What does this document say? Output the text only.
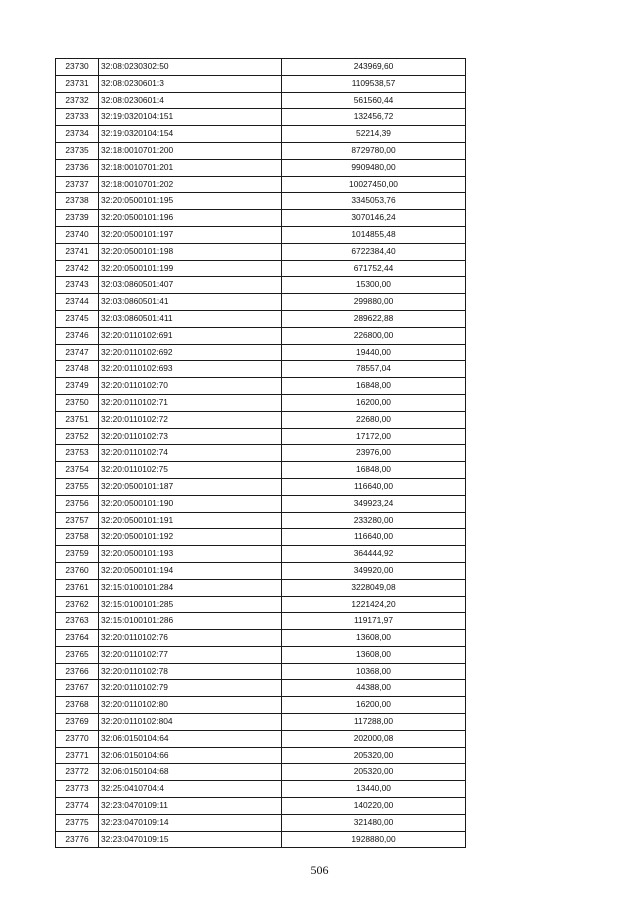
23730	32:08:0230302:50	243969,60
23731	32:08:0230601:3	1109538,57
23732	32:08:0230601:4	561560,44
23733	32:19:0320104:151	132456,72
23734	32:19:0320104:154	52214,39
23735	32:18:0010701:200	8729780,00
23736	32:18:0010701:201	9909480,00
23737	32:18:0010701:202	10027450,00
23738	32:20:0500101:195	3345053,76
23739	32:20:0500101:196	3070146,24
23740	32:20:0500101:197	1014855,48
23741	32:20:0500101:198	6722384,40
23742	32:20:0500101:199	671752,44
23743	32:03:0860501:407	15300,00
23744	32:03:0860501:41	299880,00
23745	32:03:0860501:411	289622,88
23746	32:20:0110102:691	226800,00
23747	32:20:0110102:692	19440,00
23748	32:20:0110102:693	78557,04
23749	32:20:0110102:70	16848,00
23750	32:20:0110102:71	16200,00
23751	32:20:0110102:72	22680,00
23752	32:20:0110102:73	17172,00
23753	32:20:0110102:74	23976,00
23754	32:20:0110102:75	16848,00
23755	32:20:0500101:187	116640,00
23756	32:20:0500101:190	349923,24
23757	32:20:0500101:191	233280,00
23758	32:20:0500101:192	116640,00
23759	32:20:0500101:193	364444,92
23760	32:20:0500101:194	349920,00
23761	32:15:0100101:284	3228049,08
23762	32:15:0100101:285	1221424,20
23763	32:15:0100101:286	119171,97
23764	32:20:0110102:76	13608,00
23765	32:20:0110102:77	13608,00
23766	32:20:0110102:78	10368,00
23767	32:20:0110102:79	44388,00
23768	32:20:0110102:80	16200,00
23769	32:20:0110102:804	117288,00
23770	32:06:0150104:64	202000,08
23771	32:06:0150104:66	205320,00
23772	32:06:0150104:68	205320,00
23773	32:25:0410704:4	13440,00
23774	32:23:0470109:11	140220,00
23775	32:23:0470109:14	321480,00
23776	32:23:0470109:15	1928880,00
506
